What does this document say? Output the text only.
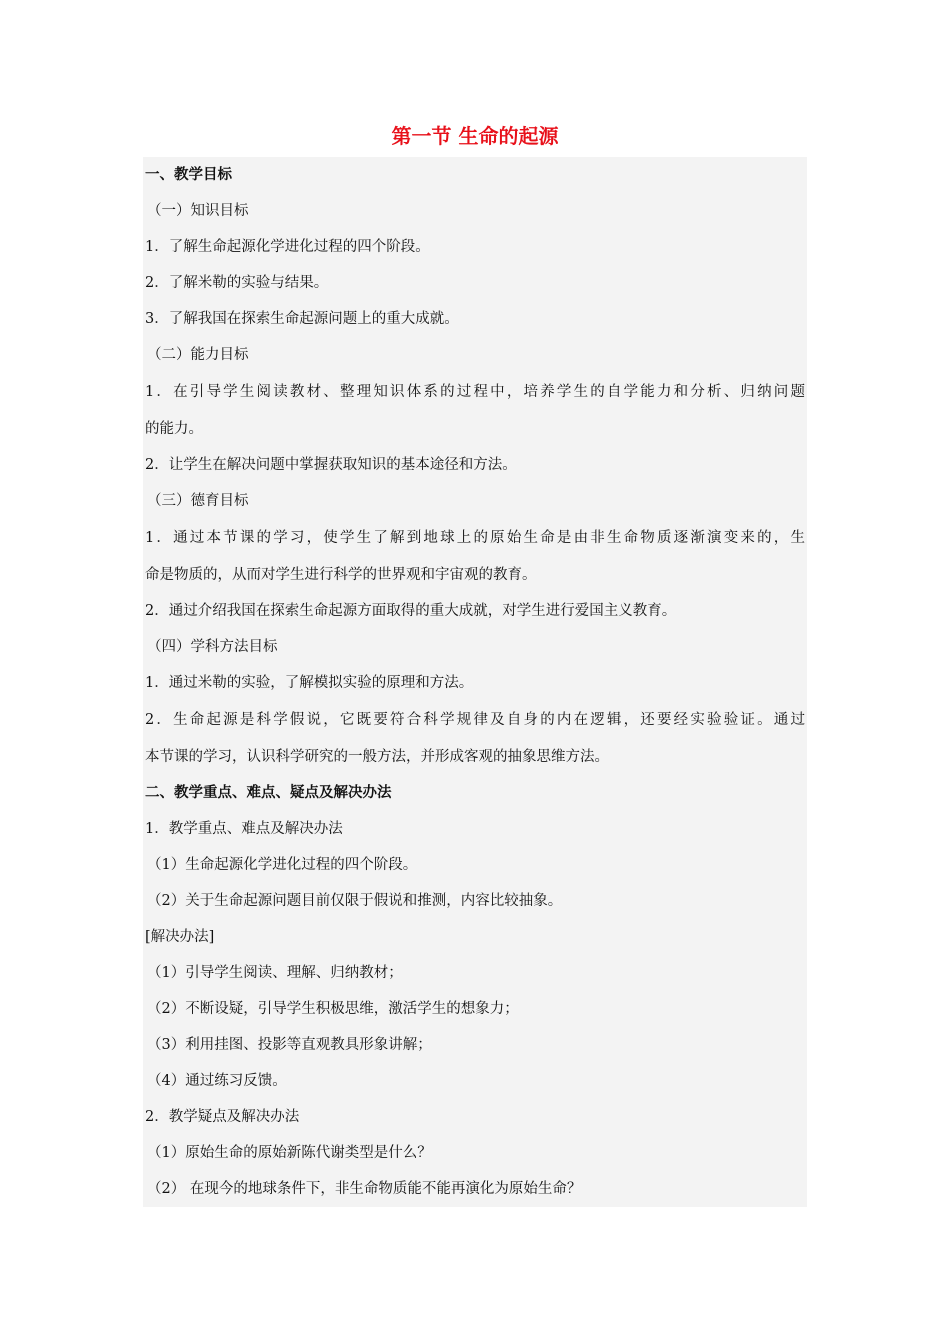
第一节 生命的起源
一、教学目标
（一）知识目标
1．了解生命起源化学进化过程的四个阶段。
2．了解米勒的实验与结果。
3．了解我国在探索生命起源问题上的重大成就。
（二）能力目标
1．在引导学生阅读教材、整理知识体系的过程中，培养学生的自学能力和分析、归纳问题
的能力。
2．让学生在解决问题中掌握获取知识的基本途径和方法。
（三）德育目标
1．通过本节课的学习，使学生了解到地球上的原始生命是由非生命物质逐渐演变来的，生
命是物质的，从而对学生进行科学的世界观和宇宙观的教育。
2．通过介绍我国在探索生命起源方面取得的重大成就，对学生进行爱国主义教育。
（四）学科方法目标
1．通过米勒的实验，了解模拟实验的原理和方法。
2．生命起源是科学假说，它既要符合科学规律及自身的内在逻辑，还要经实验验证。通过
本节课的学习，认识科学研究的一般方法，并形成客观的抽象思维方法。
二、教学重点、难点、疑点及解决办法
1．教学重点、难点及解决办法
（1）生命起源化学进化过程的四个阶段。
（2）关于生命起源问题目前仅限于假说和推测，内容比较抽象。
[解决办法]
（1）引导学生阅读、理解、归纳教材；
（2）不断设疑，引导学生积极思维，激活学生的想象力；
（3）利用挂图、投影等直观教具形象讲解；
（4）通过练习反馈。
2．教学疑点及解决办法
（1）原始生命的原始新陈代谢类型是什么？
（2） 在现今的地球条件下，非生命物质能不能再演化为原始生命？
